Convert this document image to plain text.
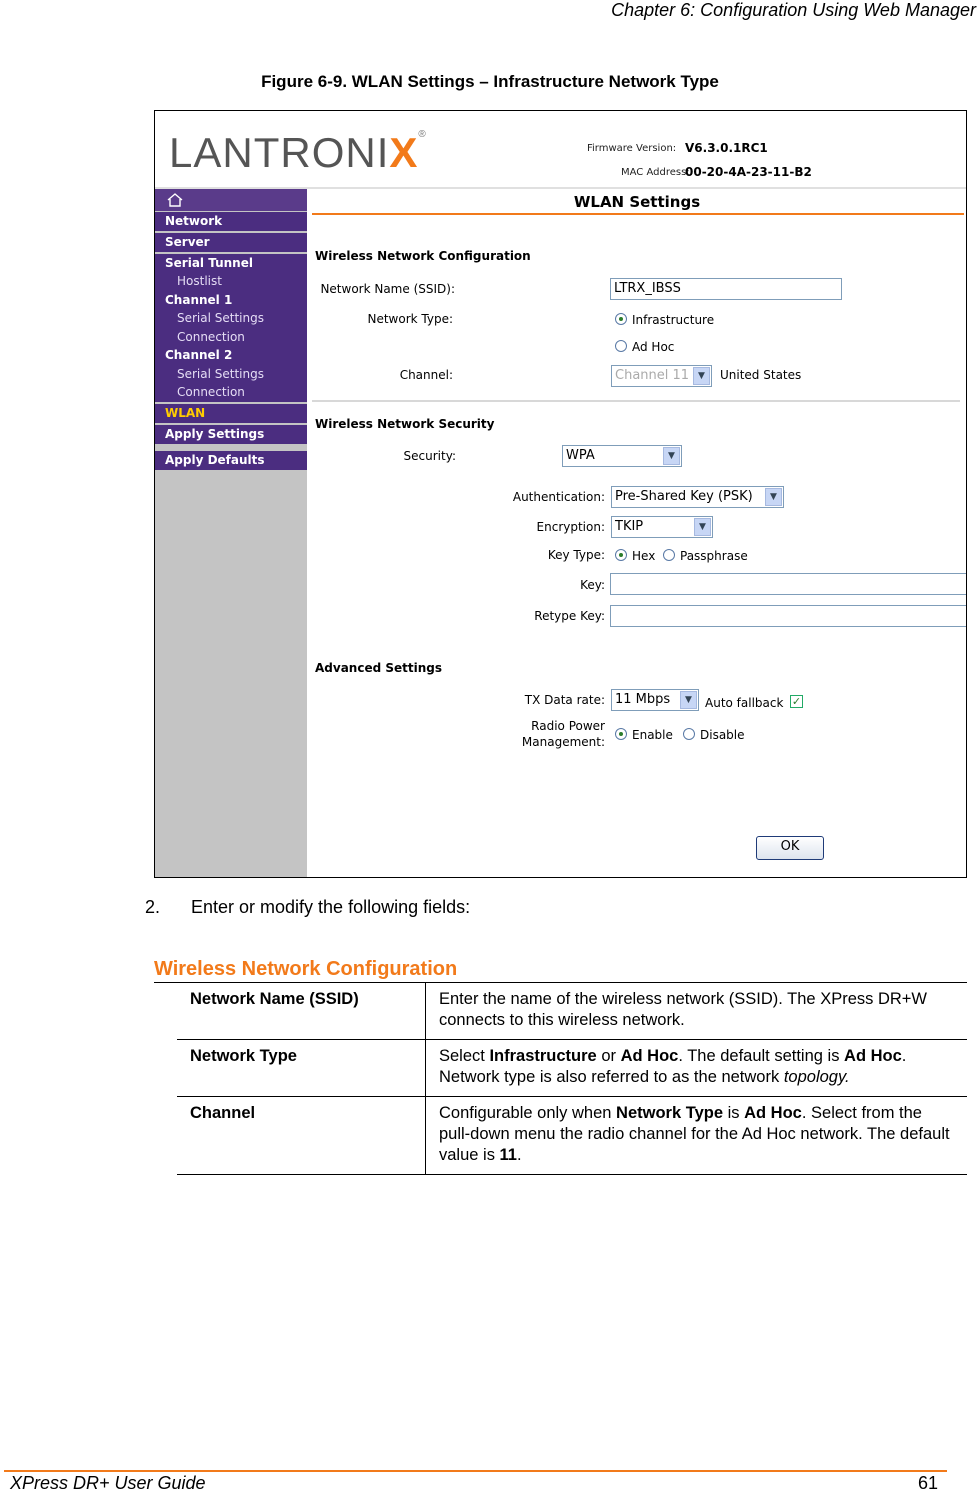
Chapter 6: Configuration Using Web Manager
Figure 6-9. WLAN Settings – Infrastructure Network Type
LANTRONIX®
Firmware Version: V6.3.0.1RC1
MAC Address:
00-20-4A-23-11-B2
Network
Server
Serial Tunnel
Hostlist
Channel 1
Serial Settings
Connection
Channel 2
Serial Settings
Connection
WLAN
Apply Settings
Apply Defaults
WLAN Settings
Wireless Network Configuration
Network Name (SSID):	LTRX_IBSS
Network Type:	Infrastructure
Ad Hoc
Channel:	Channel 11 ▼	United States
Wireless Network Security
Security:	WPA	▼
Authentication: Pre-Shared Key (PSK)	▼
Encryption: TKIP	▼
Key Type: Hex Passphrase
Key:
Retype Key:
Advanced Settings
TX Data rate: 11 Mbps	▼	Auto fallback ✓
Radio Power
Management: Enable Disable
OK
2. Enter or modify the following fields:
Wireless Network Configuration
Network Name (SSID)	Enter the name of the wireless network (SSID). The XPress DR+W connects to this wireless network.
Network Type	Select Infrastructure or Ad Hoc. The default setting is Ad Hoc. Network type is also referred to as the network topology.
Channel	Configurable only when Network Type is Ad Hoc. Select from the pull-down menu the radio channel for the Ad Hoc network. The default value is 11.
XPress DR+ User Guide	61
